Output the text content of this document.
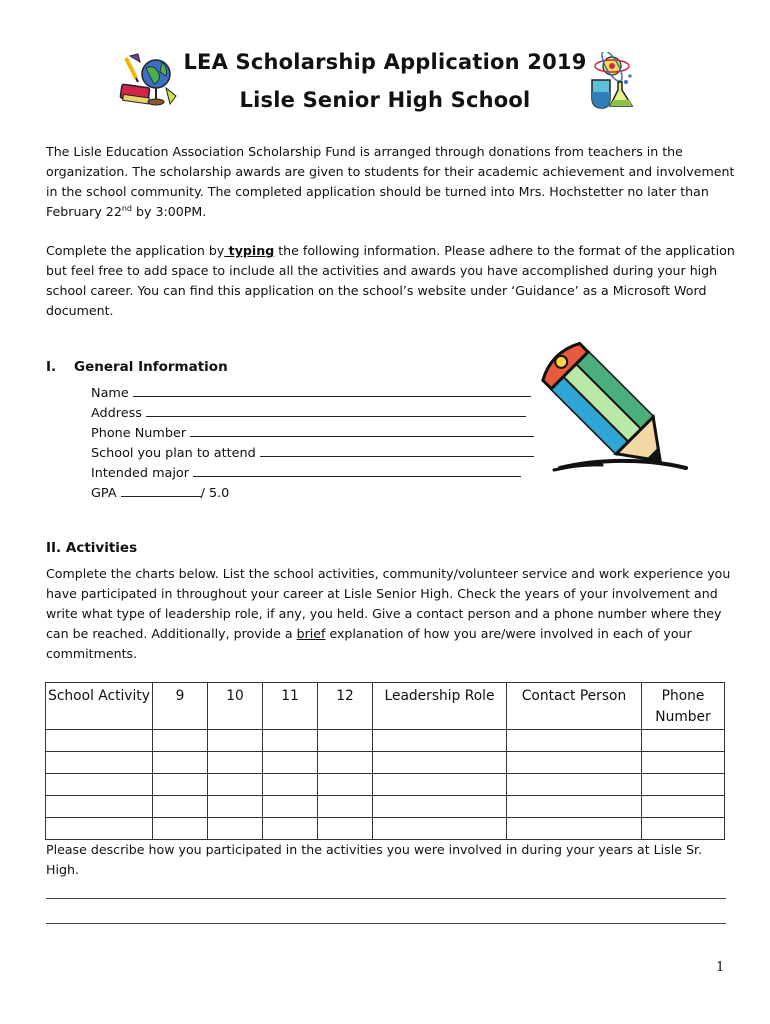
LEA Scholarship Application 2019
Lisle Senior High School

The Lisle Education Association Scholarship Fund is arranged through donations from teachers in the organization. The scholarship awards are given to students for their academic achievement and involvement in the school community. The completed application should be turned into Mrs. Hochstetter no later than February 22nd by 3:00PM.

Complete the application by typing the following information. Please adhere to the format of the application but feel free to add space to include all the activities and awards you have accomplished during your high school career. You can find this application on the school’s website under ‘Guidance’ as a Microsoft Word document.

I. General Information
Name
Address
Phone Number
School you plan to attend
Intended major
GPA	/ 5.0
II. Activities

Complete the charts below. List the school activities, community/volunteer service and work experience you have participated in throughout your career at Lisle Senior High. Check the years of your involvement and write what type of leadership role, if any, you held. Give a contact person and a phone number where they can be reached. Additionally, provide a brief explanation of how you are/were involved in each of your commitments.

School Activity	9	10	11	12	Leadership Role	Contact Person	Phone Number

Please describe how you participated in the activities you were involved in during your years at Lisle Sr. High.

1
